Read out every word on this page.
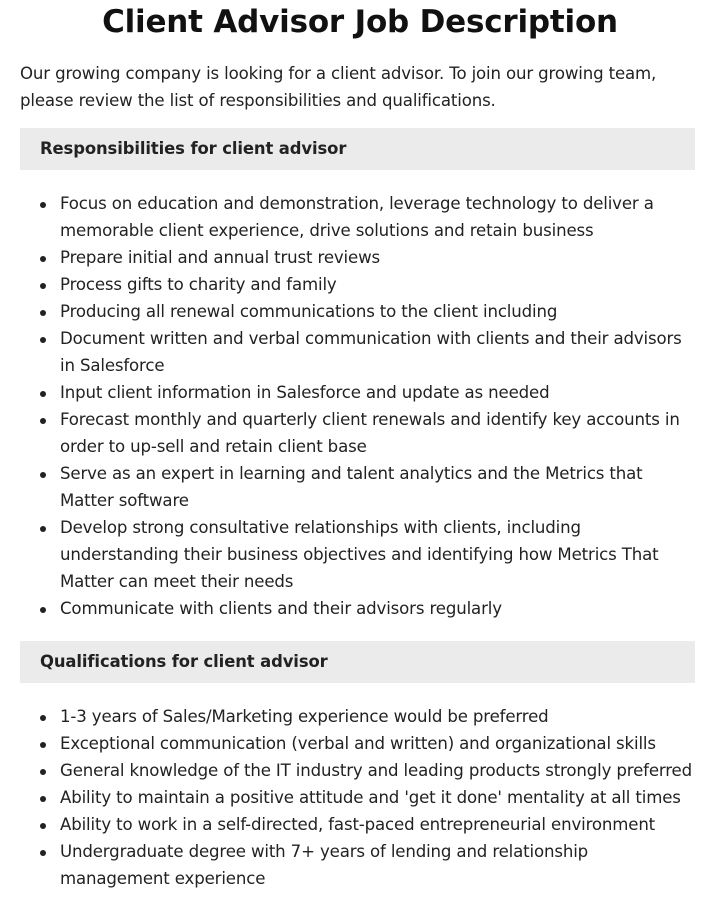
Client Advisor Job Description

Our growing company is looking for a client advisor. To join our growing team, please review the list of responsibilities and qualifications.

Responsibilities for client advisor
Focus on education and demonstration, leverage technology to deliver a memorable client experience, drive solutions and retain business
Prepare initial and annual trust reviews
Process gifts to charity and family
Producing all renewal communications to the client including
Document written and verbal communication with clients and their advisors in Salesforce
Input client information in Salesforce and update as needed
Forecast monthly and quarterly client renewals and identify key accounts in order to up-sell and retain client base
Serve as an expert in learning and talent analytics and the Metrics that Matter software
Develop strong consultative relationships with clients, including understanding their business objectives and identifying how Metrics That Matter can meet their needs
Communicate with clients and their advisors regularly
Qualifications for client advisor
1-3 years of Sales/Marketing experience would be preferred
Exceptional communication (verbal and written) and organizational skills
General knowledge of the IT industry and leading products strongly preferred
Ability to maintain a positive attitude and 'get it done' mentality at all times
Ability to work in a self-directed, fast-paced entrepreneurial environment
Undergraduate degree with 7+ years of lending and relationship management experience
